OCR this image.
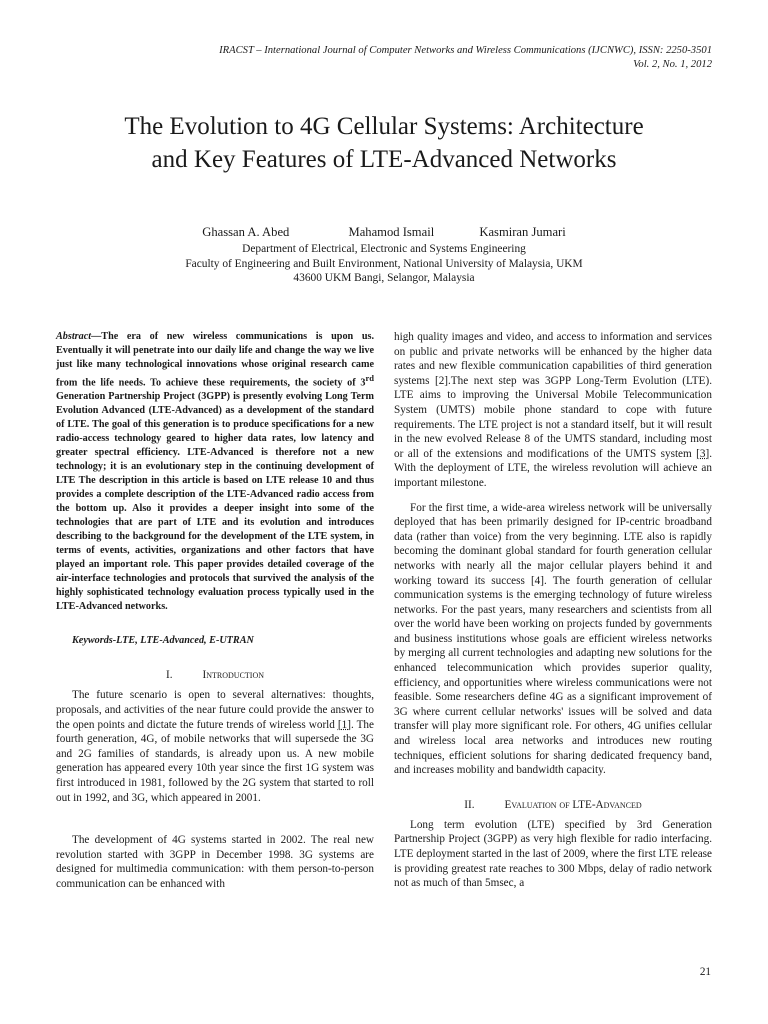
IRACST – International Journal of Computer Networks and Wireless Communications (IJCNWC), ISSN: 2250-3501
Vol. 2, No. 1, 2012
The Evolution to 4G Cellular Systems: Architecture
and Key Features of LTE-Advanced Networks
Ghassan A. Abed	Mahamod Ismail	Kasmiran Jumari
Department of Electrical, Electronic and Systems Engineering
Faculty of Engineering and Built Environment, National University of Malaysia, UKM
43600 UKM Bangi, Selangor, Malaysia

Abstract—The era of new wireless communications is upon us. Eventually it will penetrate into our daily life and change the way we live just like many technological innovations whose original research came from the life needs. To achieve these requirements, the society of 3rd Generation Partnership Project (3GPP) is presently evolving Long Term Evolution Advanced (LTE-Advanced) as a development of the standard of LTE. The goal of this generation is to produce specifications for a new radio-access technology geared to higher data rates, low latency and greater spectral efficiency. LTE-Advanced is therefore not a new technology; it is an evolutionary step in the continuing development of LTE The description in this article is based on LTE release 10 and thus provides a complete description of the LTE-Advanced radio access from the bottom up. Also it provides a deeper insight into some of the technologies that are part of LTE and its evolution and introduces describing to the background for the development of the LTE system, in terms of events, activities, organizations and other factors that have played an important role. This paper provides detailed coverage of the air-interface technologies and protocols that survived the analysis of the highly sophisticated technology evaluation process typically used in the LTE-Advanced networks.

Keywords-LTE, LTE-Advanced, E-UTRAN
I.	Introduction

The future scenario is open to several alternatives: thoughts, proposals, and activities of the near future could provide the answer to the open points and dictate the future trends of wireless world [1]. The fourth generation, 4G, of mobile networks that will supersede the 3G and 2G families of standards, is already upon us. A new mobile generation has appeared every 10th year since the first 1G system was first introduced in 1981, followed by the 2G system that started to roll out in 1992, and 3G, which appeared in 2001.

The development of 4G systems started in 2002. The real new revolution started with 3GPP in December 1998. 3G systems are designed for multimedia communication: with them person-to-person communication can be enhanced with

high quality images and video, and access to information and services on public and private networks will be enhanced by the higher data rates and new flexible communication capabilities of third generation systems [2].The next step was 3GPP Long-Term Evolution (LTE). LTE aims to improving the Universal Mobile Telecommunication System (UMTS) mobile phone standard to cope with future requirements. The LTE project is not a standard itself, but it will result in the new evolved Release 8 of the UMTS standard, including most or all of the extensions and modifications of the UMTS system [3]. With the deployment of LTE, the wireless revolution will achieve an important milestone.

For the first time, a wide-area wireless network will be universally deployed that has been primarily designed for IP-centric broadband data (rather than voice) from the very beginning. LTE also is rapidly becoming the dominant global standard for fourth generation cellular networks with nearly all the major cellular players behind it and working toward its success [4]. The fourth generation of cellular communication systems is the emerging technology of future wireless networks. For the past years, many researchers and scientists from all over the world have been working on projects funded by governments and business institutions whose goals are efficient wireless networks by merging all current technologies and adapting new solutions for the enhanced telecommunication which provides superior quality, efficiency, and opportunities where wireless communications were not feasible. Some researchers define 4G as a significant improvement of 3G where current cellular networks' issues will be solved and data transfer will play more significant role. For others, 4G unifies cellular and wireless local area networks and introduces new routing techniques, efficient solutions for sharing dedicated frequency band, and increases mobility and bandwidth capacity.

II.	Evaluation of LTE-Advanced

Long term evolution (LTE) specified by 3rd Generation Partnership Project (3GPP) as very high flexible for radio interfacing. LTE deployment started in the last of 2009, where the first LTE release is providing greatest rate reaches to 300 Mbps, delay of radio network not as much of than 5msec, a

21
